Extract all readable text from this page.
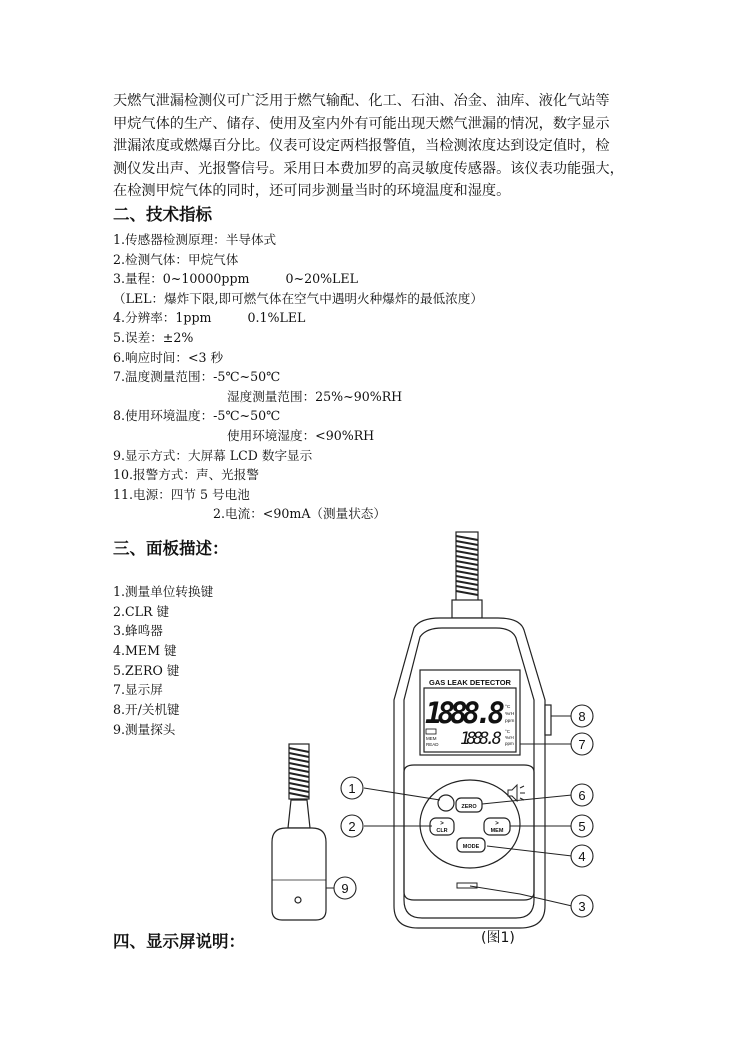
天燃气泄漏检测仪可广泛用于燃气输配、化工、石油、冶金、油库、液化气站等
甲烷气体的生产、储存、使用及室内外有可能出现天燃气泄漏的情况，数字显示
泄漏浓度或燃爆百分比。仪表可设定两档报警值，当检测浓度达到设定值时，检
测仪发出声、光报警信号。采用日本费加罗的高灵敏度传感器。该仪表功能强大，
在检测甲烷气体的同时，还可同步测量当时的环境温度和湿度。
二、技术指标
1.传感器检测原理：半导体式
2.检测气体：甲烷气体
3.量程：0~10000ppm	0~20%LEL
（LEL：爆炸下限,即可燃气体在空气中遇明火种爆炸的最低浓度）
4.分辨率：1ppm	0.1%LEL
5.误差：±2%
6.响应时间：<3 秒
7.温度测量范围：-5℃~50℃
湿度测量范围：25%~90%RH
8.使用环境温度：-5℃~50℃
使用环境湿度：<90%RH
9.显示方式：大屏幕 LCD 数字显示
10.报警方式：声、光报警
11.电源：四节 5 号电池
2.电流：<90mA（测量状态）
三、面板描述：
1.测量单位转换键
2.CLR 键
3.蜂鸣器
4.MEM 键
5.ZERO 键
7.显示屏
8.开/关机键
9.测量探头
GAS LEAK DETECTOR
1888.8 °C
%rH
ppm
MEM
READ 1888.8 °C
%rH
ppm
ZERO
>
CLR
>
MEM
MODE
1
2
3
4
5
6
7
8
9
四、显示屏说明：	(图1)
